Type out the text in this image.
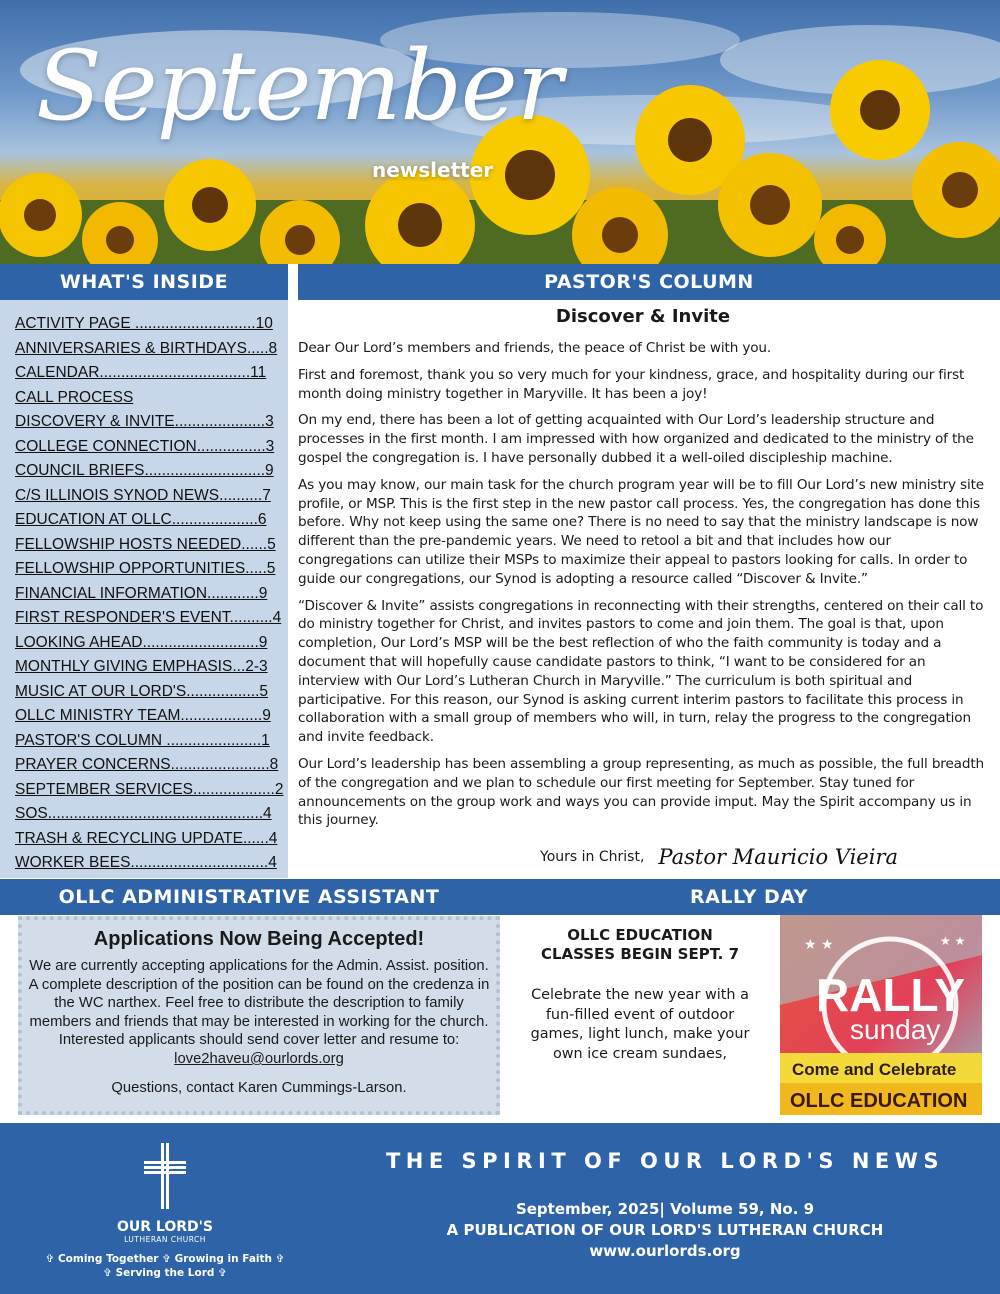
September
newsletter
WHAT'S INSIDE	PASTOR'S COLUMN
ACTIVITY PAGE ............................10
ANNIVERSARIES & BIRTHDAYS.....8
CALENDAR...................................11
CALL PROCESS
DISCOVERY & INVITE.....................3
COLLEGE CONNECTION................3
COUNCIL BRIEFS............................9
C/S ILLINOIS SYNOD NEWS..........7
EDUCATION AT OLLC....................6
FELLOWSHIP HOSTS NEEDED......5
FELLOWSHIP OPPORTUNITIES.....5
FINANCIAL INFORMATION............9
FIRST RESPONDER'S EVENT..........4
LOOKING AHEAD...........................9
MONTHLY GIVING EMPHASIS...2-3
MUSIC AT OUR LORD'S.................5
OLLC MINISTRY TEAM...................9
PASTOR'S COLUMN ......................1
PRAYER CONCERNS.......................8
SEPTEMBER SERVICES...................2
SOS..................................................4
TRASH & RECYCLING UPDATE......4
WORKER BEES................................4
Discover & Invite

Dear Our Lord’s members and friends, the peace of Christ be with you.

First and foremost, thank you so very much for your kindness, grace, and hospitality during our first month doing ministry together in Maryville. It has been a joy!

On my end, there has been a lot of getting acquainted with Our Lord’s leadership structure and processes in the first month. I am impressed with how organized and dedicated to the ministry of the gospel the congregation is. I have personally dubbed it a well-oiled discipleship machine.

As you may know, our main task for the church program year will be to fill Our Lord’s new ministry site profile, or MSP. This is the first step in the new pastor call process. Yes, the congregation has done this before. Why not keep using the same one? There is no need to say that the ministry landscape is now different than the pre-pandemic years. We need to retool a bit and that includes how our congregations can utilize their MSPs to maximize their appeal to pastors looking for calls. In order to guide our congregations, our Synod is adopting a resource called “Discover & Invite.”

“Discover & Invite” assists congregations in reconnecting with their strengths, centered on their call to do ministry together for Christ, and invites pastors to come and join them. The goal is that, upon completion, Our Lord’s MSP will be the best reflection of who the faith community is today and a document that will hopefully cause candidate pastors to think, “I want to be considered for an interview with Our Lord’s Lutheran Church in Maryville.” The curriculum is both spiritual and participative. For this reason, our Synod is asking current interim pastors to facilitate this process in collaboration with a small group of members who will, in turn, relay the progress to the congregation and invite feedback.

Our Lord’s leadership has been assembling a group representing, as much as possible, the full breadth of the congregation and we plan to schedule our first meeting for September. Stay tuned for announcements on the group work and ways you can provide imput. May the Spirit accompany us in this journey.

Yours in Christ, Pastor Mauricio Vieira
OLLC ADMINISTRATIVE ASSISTANT	RALLY DAY
Applications Now Being Accepted!

We are currently accepting applications for the Admin. Assist. position. A complete description of the position can be found on the credenza in the WC narthex. Feel free to distribute the description to family members and friends that may be interested in working for the church. Interested applicants should send cover letter and resume to: love2haveu@ourlords.org

Questions, contact Karen Cummings-Larson.

OLLC EDUCATION CLASSES BEGIN SEPT. 7

Celebrate the new year with a fun-filled event of outdoor games, light lunch, make your own ice cream sundaes,

★ ★	★ ★
RALLY
sunday
Come and Celebrate
OLLC EDUCATION
OUR LORD'S
LUTHERAN CHURCH
✞ Coming Together ✞ Growing in Faith ✞
✞ Serving the Lord ✞
THE SPIRIT OF OUR LORD'S NEWS
September, 2025| Volume 59, No. 9
A PUBLICATION OF OUR LORD'S LUTHERAN CHURCH
www.ourlords.org
